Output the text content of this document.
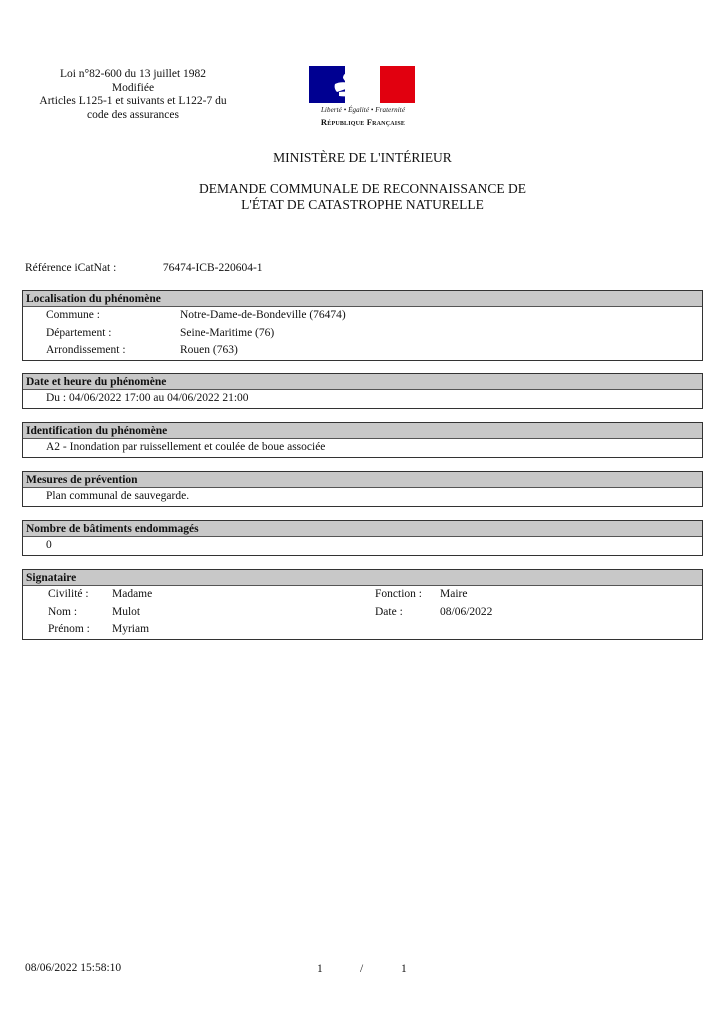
Loi n°82-600 du 13 juillet 1982
Modifiée
Articles L125-1 et suivants et L122-7 du
code des assurances	Liberté • Égalité • Fraternité
République Française
MINISTÈRE DE L'INTÉRIEUR
DEMANDE COMMUNALE DE RECONNAISSANCE DE
L'ÉTAT DE CATASTROPHE NATURELLE
Référence iCatNat :	76474-ICB-220604-1
Localisation du phénomène
Commune :	Notre-Dame-de-Bondeville (76474)
Département :	Seine-Maritime (76)
Arrondissement :	Rouen (763)
Date et heure du phénomène
Du : 04/06/2022 17:00 au 04/06/2022 21:00
Identification du phénomène
A2 - Inondation par ruissellement et coulée de boue associée
Mesures de prévention
Plan communal de sauvegarde.
Nombre de bâtiments endommagés
0
Signataire
Civilité : Madame	Fonction : Maire
Nom :	Mulot	Date :	08/06/2022
Prénom : Myriam
08/06/2022 15:58:10	1	/	1
